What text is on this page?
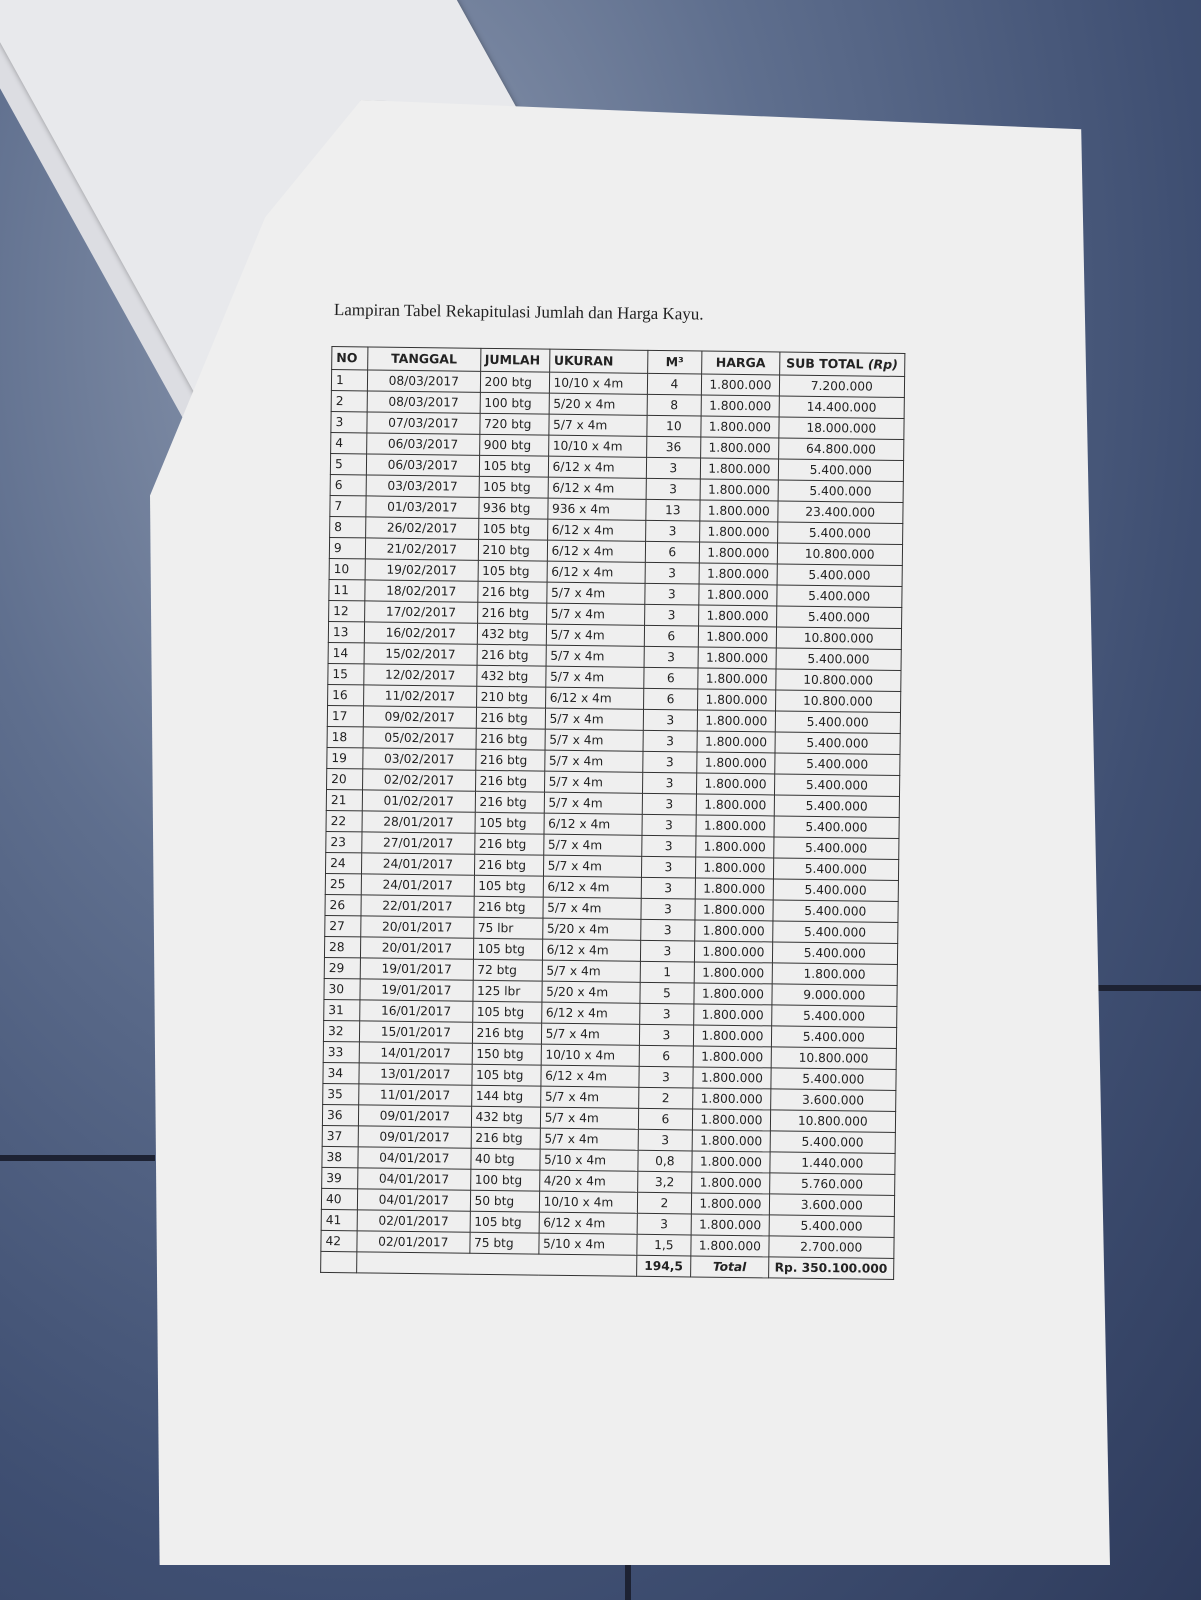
Lampiran Tabel Rekapitulasi Jumlah dan Harga Kayu.
NO	TANGGAL	JUMLAH	UKURAN	M³	HARGA	SUB TOTAL (Rp)
1	08/03/2017	200 btg	10/10 x 4m	4	1.800.000	7.200.000
2	08/03/2017	100 btg	5/20 x 4m	8	1.800.000	14.400.000
3	07/03/2017	720 btg	5/7 x 4m	10	1.800.000	18.000.000
4	06/03/2017	900 btg	10/10 x 4m	36	1.800.000	64.800.000
5	06/03/2017	105 btg	6/12 x 4m	3	1.800.000	5.400.000
6	03/03/2017	105 btg	6/12 x 4m	3	1.800.000	5.400.000
7	01/03/2017	936 btg	936 x 4m	13	1.800.000	23.400.000
8	26/02/2017	105 btg	6/12 x 4m	3	1.800.000	5.400.000
9	21/02/2017	210 btg	6/12 x 4m	6	1.800.000	10.800.000
10	19/02/2017	105 btg	6/12 x 4m	3	1.800.000	5.400.000
11	18/02/2017	216 btg	5/7 x 4m	3	1.800.000	5.400.000
12	17/02/2017	216 btg	5/7 x 4m	3	1.800.000	5.400.000
13	16/02/2017	432 btg	5/7 x 4m	6	1.800.000	10.800.000
14	15/02/2017	216 btg	5/7 x 4m	3	1.800.000	5.400.000
15	12/02/2017	432 btg	5/7 x 4m	6	1.800.000	10.800.000
16	11/02/2017	210 btg	6/12 x 4m	6	1.800.000	10.800.000
17	09/02/2017	216 btg	5/7 x 4m	3	1.800.000	5.400.000
18	05/02/2017	216 btg	5/7 x 4m	3	1.800.000	5.400.000
19	03/02/2017	216 btg	5/7 x 4m	3	1.800.000	5.400.000
20	02/02/2017	216 btg	5/7 x 4m	3	1.800.000	5.400.000
21	01/02/2017	216 btg	5/7 x 4m	3	1.800.000	5.400.000
22	28/01/2017	105 btg	6/12 x 4m	3	1.800.000	5.400.000
23	27/01/2017	216 btg	5/7 x 4m	3	1.800.000	5.400.000
24	24/01/2017	216 btg	5/7 x 4m	3	1.800.000	5.400.000
25	24/01/2017	105 btg	6/12 x 4m	3	1.800.000	5.400.000
26	22/01/2017	216 btg	5/7 x 4m	3	1.800.000	5.400.000
27	20/01/2017	75 lbr	5/20 x 4m	3	1.800.000	5.400.000
28	20/01/2017	105 btg	6/12 x 4m	3	1.800.000	5.400.000
29	19/01/2017	72 btg	5/7 x 4m	1	1.800.000	1.800.000
30	19/01/2017	125 lbr	5/20 x 4m	5	1.800.000	9.000.000
31	16/01/2017	105 btg	6/12 x 4m	3	1.800.000	5.400.000
32	15/01/2017	216 btg	5/7 x 4m	3	1.800.000	5.400.000
33	14/01/2017	150 btg	10/10 x 4m	6	1.800.000	10.800.000
34	13/01/2017	105 btg	6/12 x 4m	3	1.800.000	5.400.000
35	11/01/2017	144 btg	5/7 x 4m	2	1.800.000	3.600.000
36	09/01/2017	432 btg	5/7 x 4m	6	1.800.000	10.800.000
37	09/01/2017	216 btg	5/7 x 4m	3	1.800.000	5.400.000
38	04/01/2017	40 btg	5/10 x 4m	0,8	1.800.000	1.440.000
39	04/01/2017	100 btg	4/20 x 4m	3,2	1.800.000	5.760.000
40	04/01/2017	50 btg	10/10 x 4m	2	1.800.000	3.600.000
41	02/01/2017	105 btg	6/12 x 4m	3	1.800.000	5.400.000
42	02/01/2017	75 btg	5/10 x 4m	1,5	1.800.000	2.700.000
				194,5	Total	Rp. 350.100.000
